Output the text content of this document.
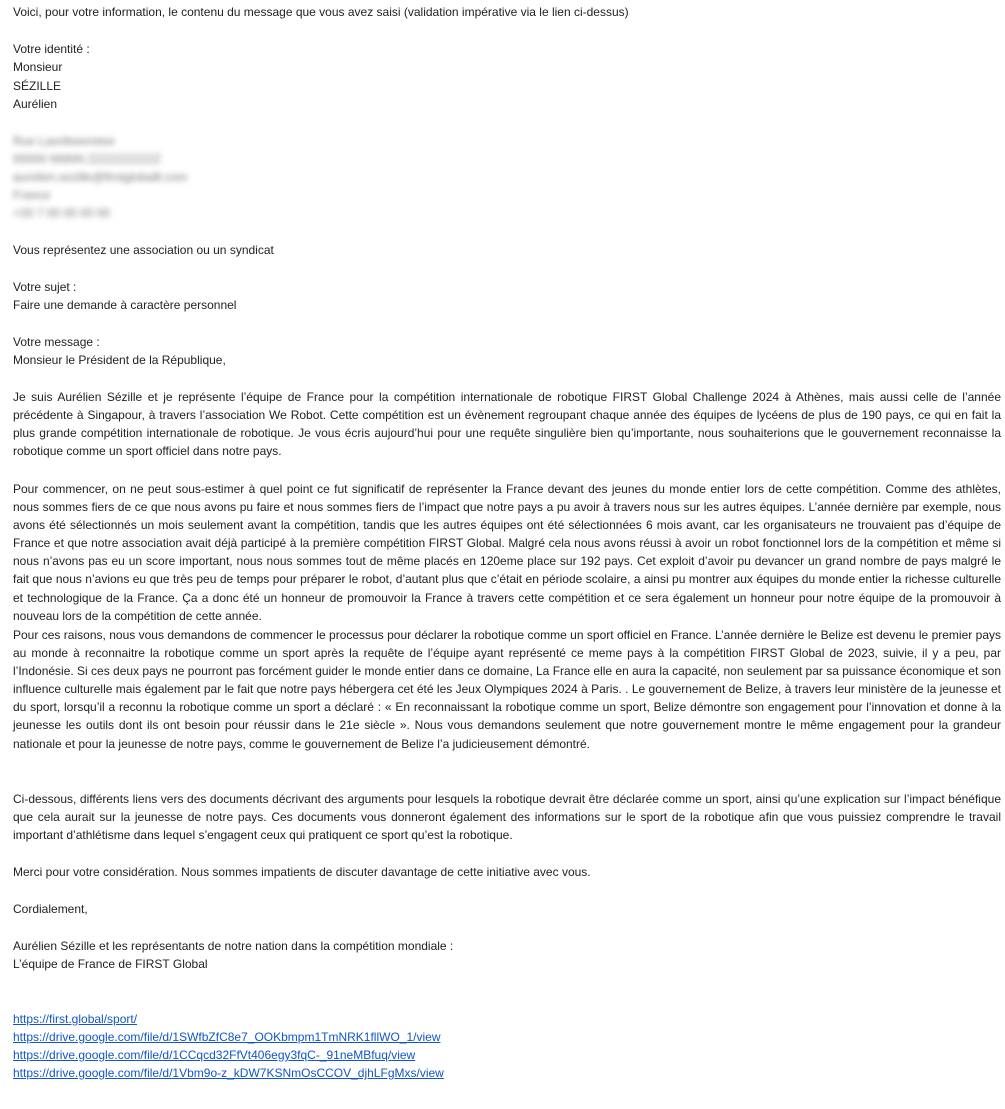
Voici, pour votre information, le contenu du message que vous avez saisi (validation impérative via le lien ci-dessus)
Votre identité :
Monsieur
SÉZILLE
Aurélien
Rue Laxnfeeeretee
00000 NNNN ZZZZZZZZZZ
aurelien.sezille@firstgloballl.com
France
+33 7 00 00 00 00
Vous représentez une association ou un syndicat
Votre sujet :
Faire une demande à caractère personnel
Votre message :
Monsieur le Président de la République,
Je suis Aurélien Sézille et je représente l’équipe de France pour la compétition internationale de robotique FIRST Global Challenge 2024 à Athènes, mais aussi celle de l’année précédente à Singapour, à travers l’association We Robot. Cette compétition est un évènement regroupant chaque année des équipes de lycéens de plus de 190 pays, ce qui en fait la plus grande compétition internationale de robotique. Je vous écris aujourd’hui pour une requête singulière bien qu’importante, nous souhaiterions que le gouvernement reconnaisse la robotique comme un sport officiel dans notre pays.
Pour commencer, on ne peut sous-estimer à quel point ce fut significatif de représenter la France devant des jeunes du monde entier lors de cette compétition. Comme des athlètes, nous sommes fiers de ce que nous avons pu faire et nous sommes fiers de l’impact que notre pays a pu avoir à travers nous sur les autres équipes. L’année dernière par exemple, nous avons été sélectionnés un mois seulement avant la compétition, tandis que les autres équipes ont été sélectionnées 6 mois avant, car les organisateurs ne trouvaient pas d’équipe de France et que notre association avait déjà participé à la première compétition FIRST Global. Malgré cela nous avons réussi à avoir un robot fonctionnel lors de la compétition et même si nous n’avons pas eu un score important, nous nous sommes tout de même placés en 120eme place sur 192 pays. Cet exploit d’avoir pu devancer un grand nombre de pays malgré le fait que nous n’avions eu que très peu de temps pour préparer le robot, d’autant plus que c’était en période scolaire, a ainsi pu montrer aux équipes du monde entier la richesse culturelle et technologique de la France. Ça a donc été un honneur de promouvoir la France à travers cette compétition et ce sera également un honneur pour notre équipe de la promouvoir à nouveau lors de la compétition de cette année.
Pour ces raisons, nous vous demandons de commencer le processus pour déclarer la robotique comme un sport officiel en France. L’année dernière le Belize est devenu le premier pays au monde à reconnaitre la robotique comme un sport après la requête de l’équipe ayant représenté ce meme pays à la compétition FIRST Global de 2023, suivie, il y a peu, par l’Indonésie. Si ces deux pays ne pourront pas forcément guider le monde entier dans ce domaine, La France elle en aura la capacité, non seulement par sa puissance économique et son influence culturelle mais également par le fait que notre pays hébergera cet été les Jeux Olympiques 2024 à Paris. . Le gouvernement de Belize, à travers leur ministère de la jeunesse et du sport, lorsqu’il a reconnu la robotique comme un sport a déclaré : « En reconnaissant la robotique comme un sport, Belize démontre son engagement pour l’innovation et donne à la jeunesse les outils dont ils ont besoin pour réussir dans le 21e siècle ». Nous vous demandons seulement que notre gouvernement montre le même engagement pour la grandeur nationale et pour la jeunesse de notre pays, comme le gouvernement de Belize l’a judicieusement démontré.
Ci-dessous, différents liens vers des documents décrivant des arguments pour lesquels la robotique devrait être déclarée comme un sport, ainsi qu’une explication sur l’impact bénéfique que cela aurait sur la jeunesse de notre pays. Ces documents vous donneront également des informations sur le sport de la robotique afin que vous puissiez comprendre le travail important d’athlétisme dans lequel s’engagent ceux qui pratiquent ce sport qu’est la robotique.
Merci pour votre considération. Nous sommes impatients de discuter davantage de cette initiative avec vous.
Cordialement,
Aurélien Sézille et les représentants de notre nation dans la compétition mondiale :
L’équipe de France de FIRST Global
https://first.global/sport/
https://drive.google.com/file/d/1SWfbZfC8e7_OOKbmpm1TmNRK1fllWO_1/view
https://drive.google.com/file/d/1CCqcd32FfVt406egy3fqC-_91neMBfuq/view
https://drive.google.com/file/d/1Vbm9o-z_kDW7KSNmOsCCOV_djhLFgMxs/view
